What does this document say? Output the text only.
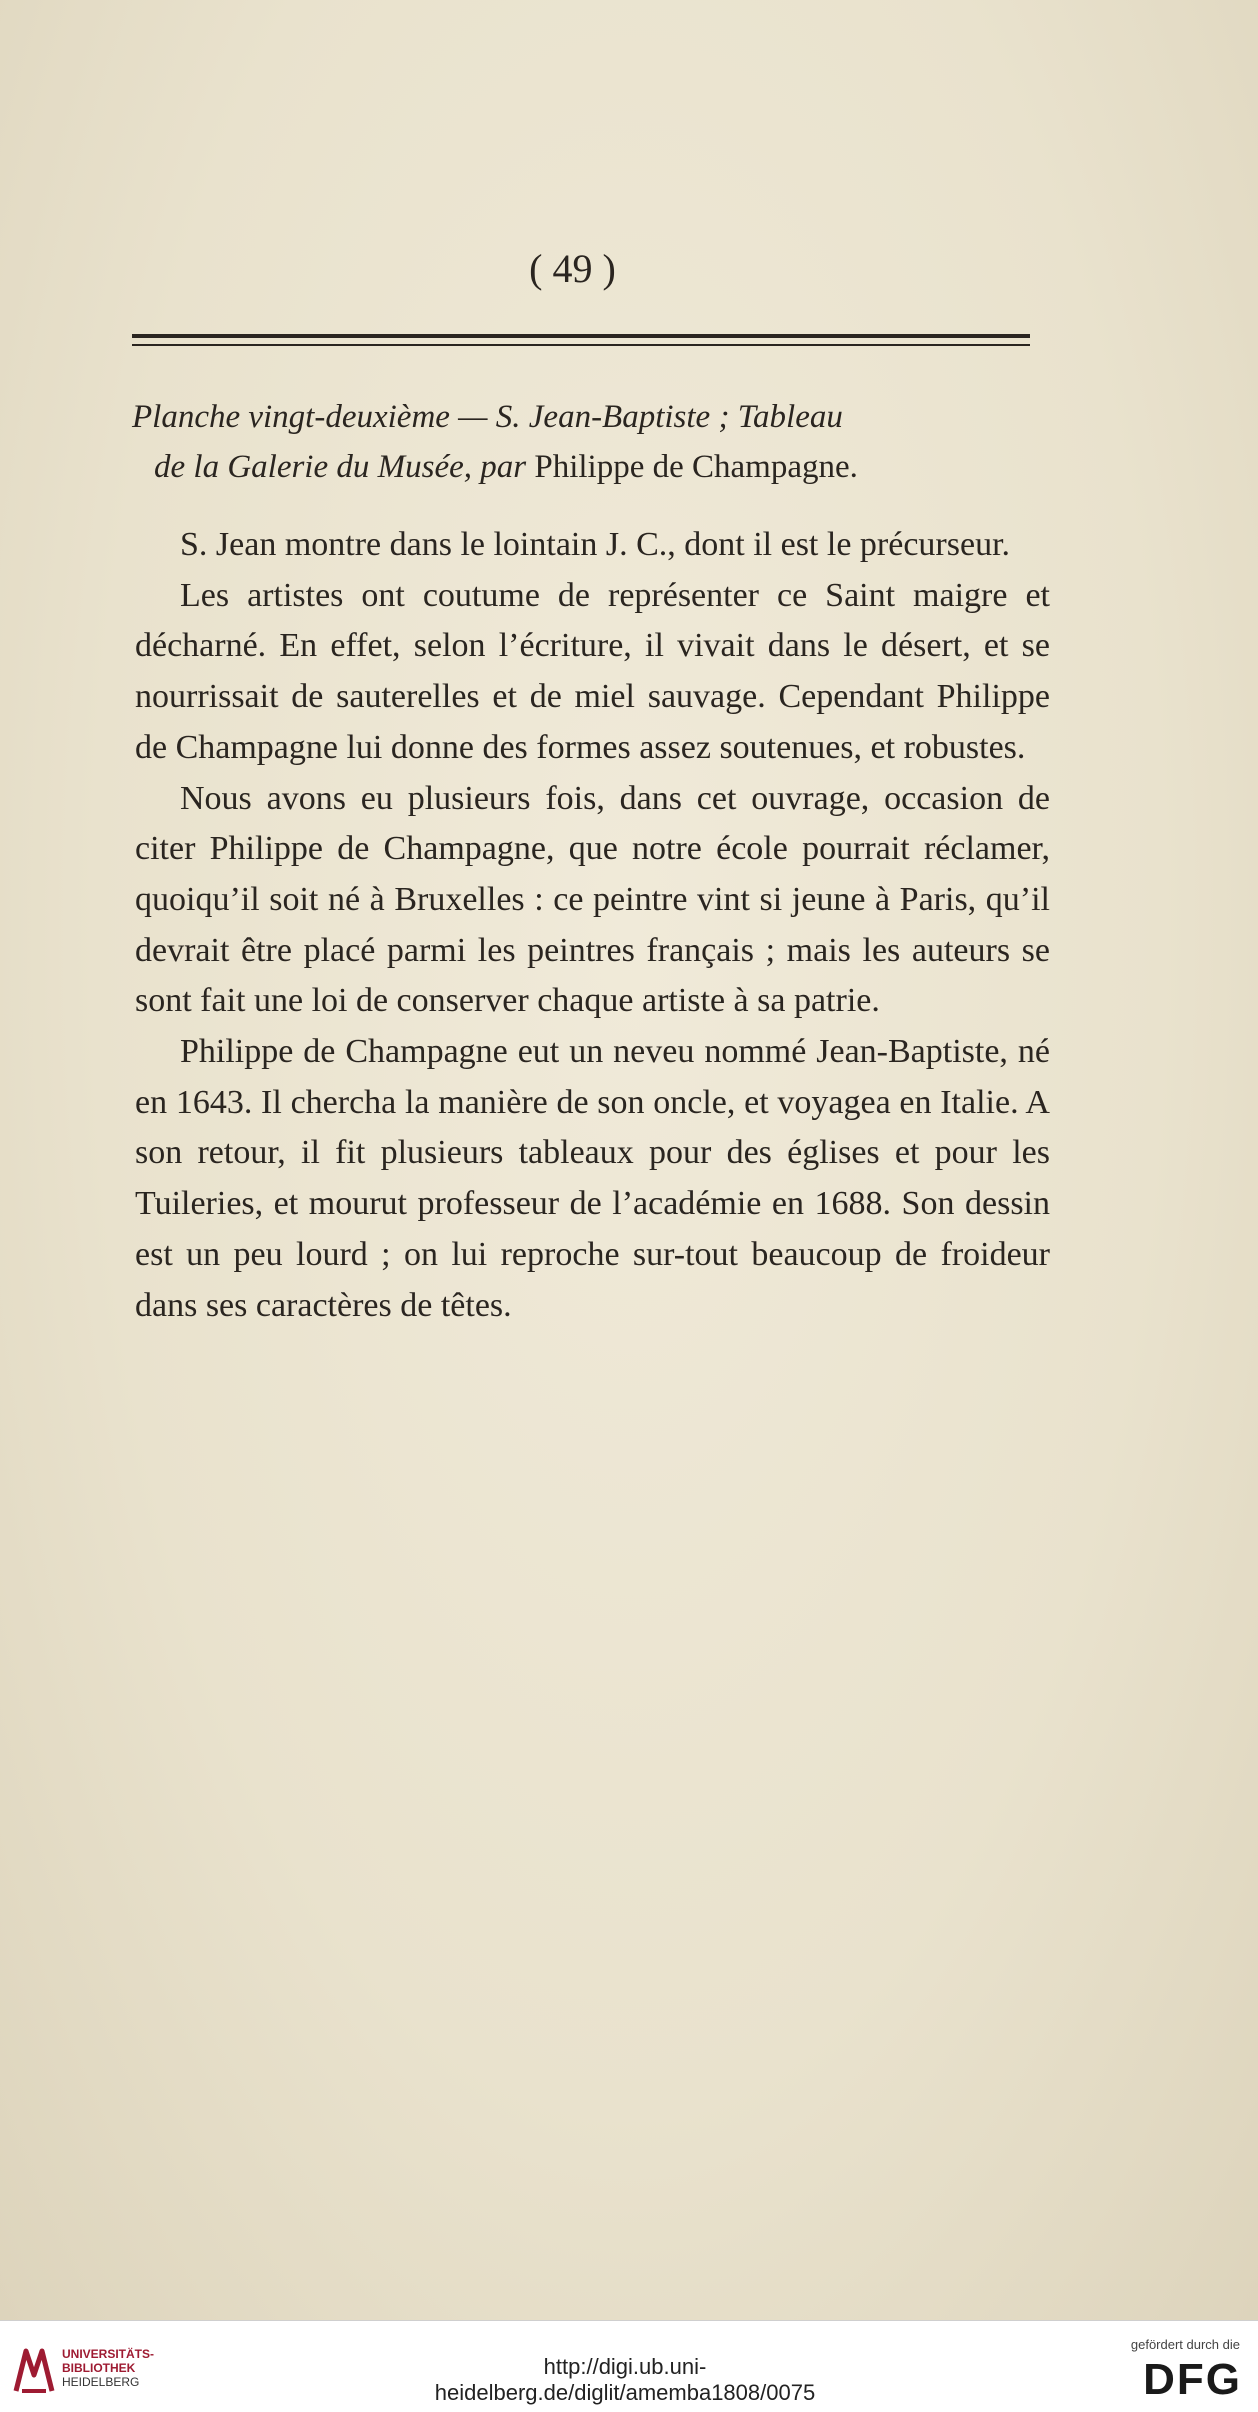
( 49 )
Planche vingt-deuxième — S. Jean-Baptiste ; Tableau
de la Galerie du Musée, par Philippe de Champagne.

S. Jean montre dans le lointain J. C., dont il est le précurseur.

Les artistes ont coutume de représenter ce Saint maigre et décharné. En effet, selon l’écriture, il vivait dans le désert, et se nourrissait de sauterelles et de miel sauvage. Cependant Philippe de Champagne lui donne des formes assez soutenues, et robustes.

Nous avons eu plusieurs fois, dans cet ouvrage, occasion de citer Philippe de Champagne, que notre école pourrait réclamer, quoiqu’il soit né à Bruxelles : ce peintre vint si jeune à Paris, qu’il devrait être placé parmi les peintres français ; mais les auteurs se sont fait une loi de conserver chaque artiste à sa patrie.

Philippe de Champagne eut un neveu nommé Jean-Baptiste, né en 1643. Il chercha la manière de son oncle, et voyagea en Italie. A son retour, il fit plusieurs tableaux pour des églises et pour les Tuileries, et mourut professeur de l’académie en 1688. Son dessin est un peu lourd ; on lui reproche sur-tout beaucoup de froideur dans ses caractères de têtes.

UNIVERSITÄTS-
BIBLIOTHEK
HEIDELBERG
http://digi.ub.uni-heidelberg.de/diglit/amemba1808/0075
gefördert durch die
DFG
